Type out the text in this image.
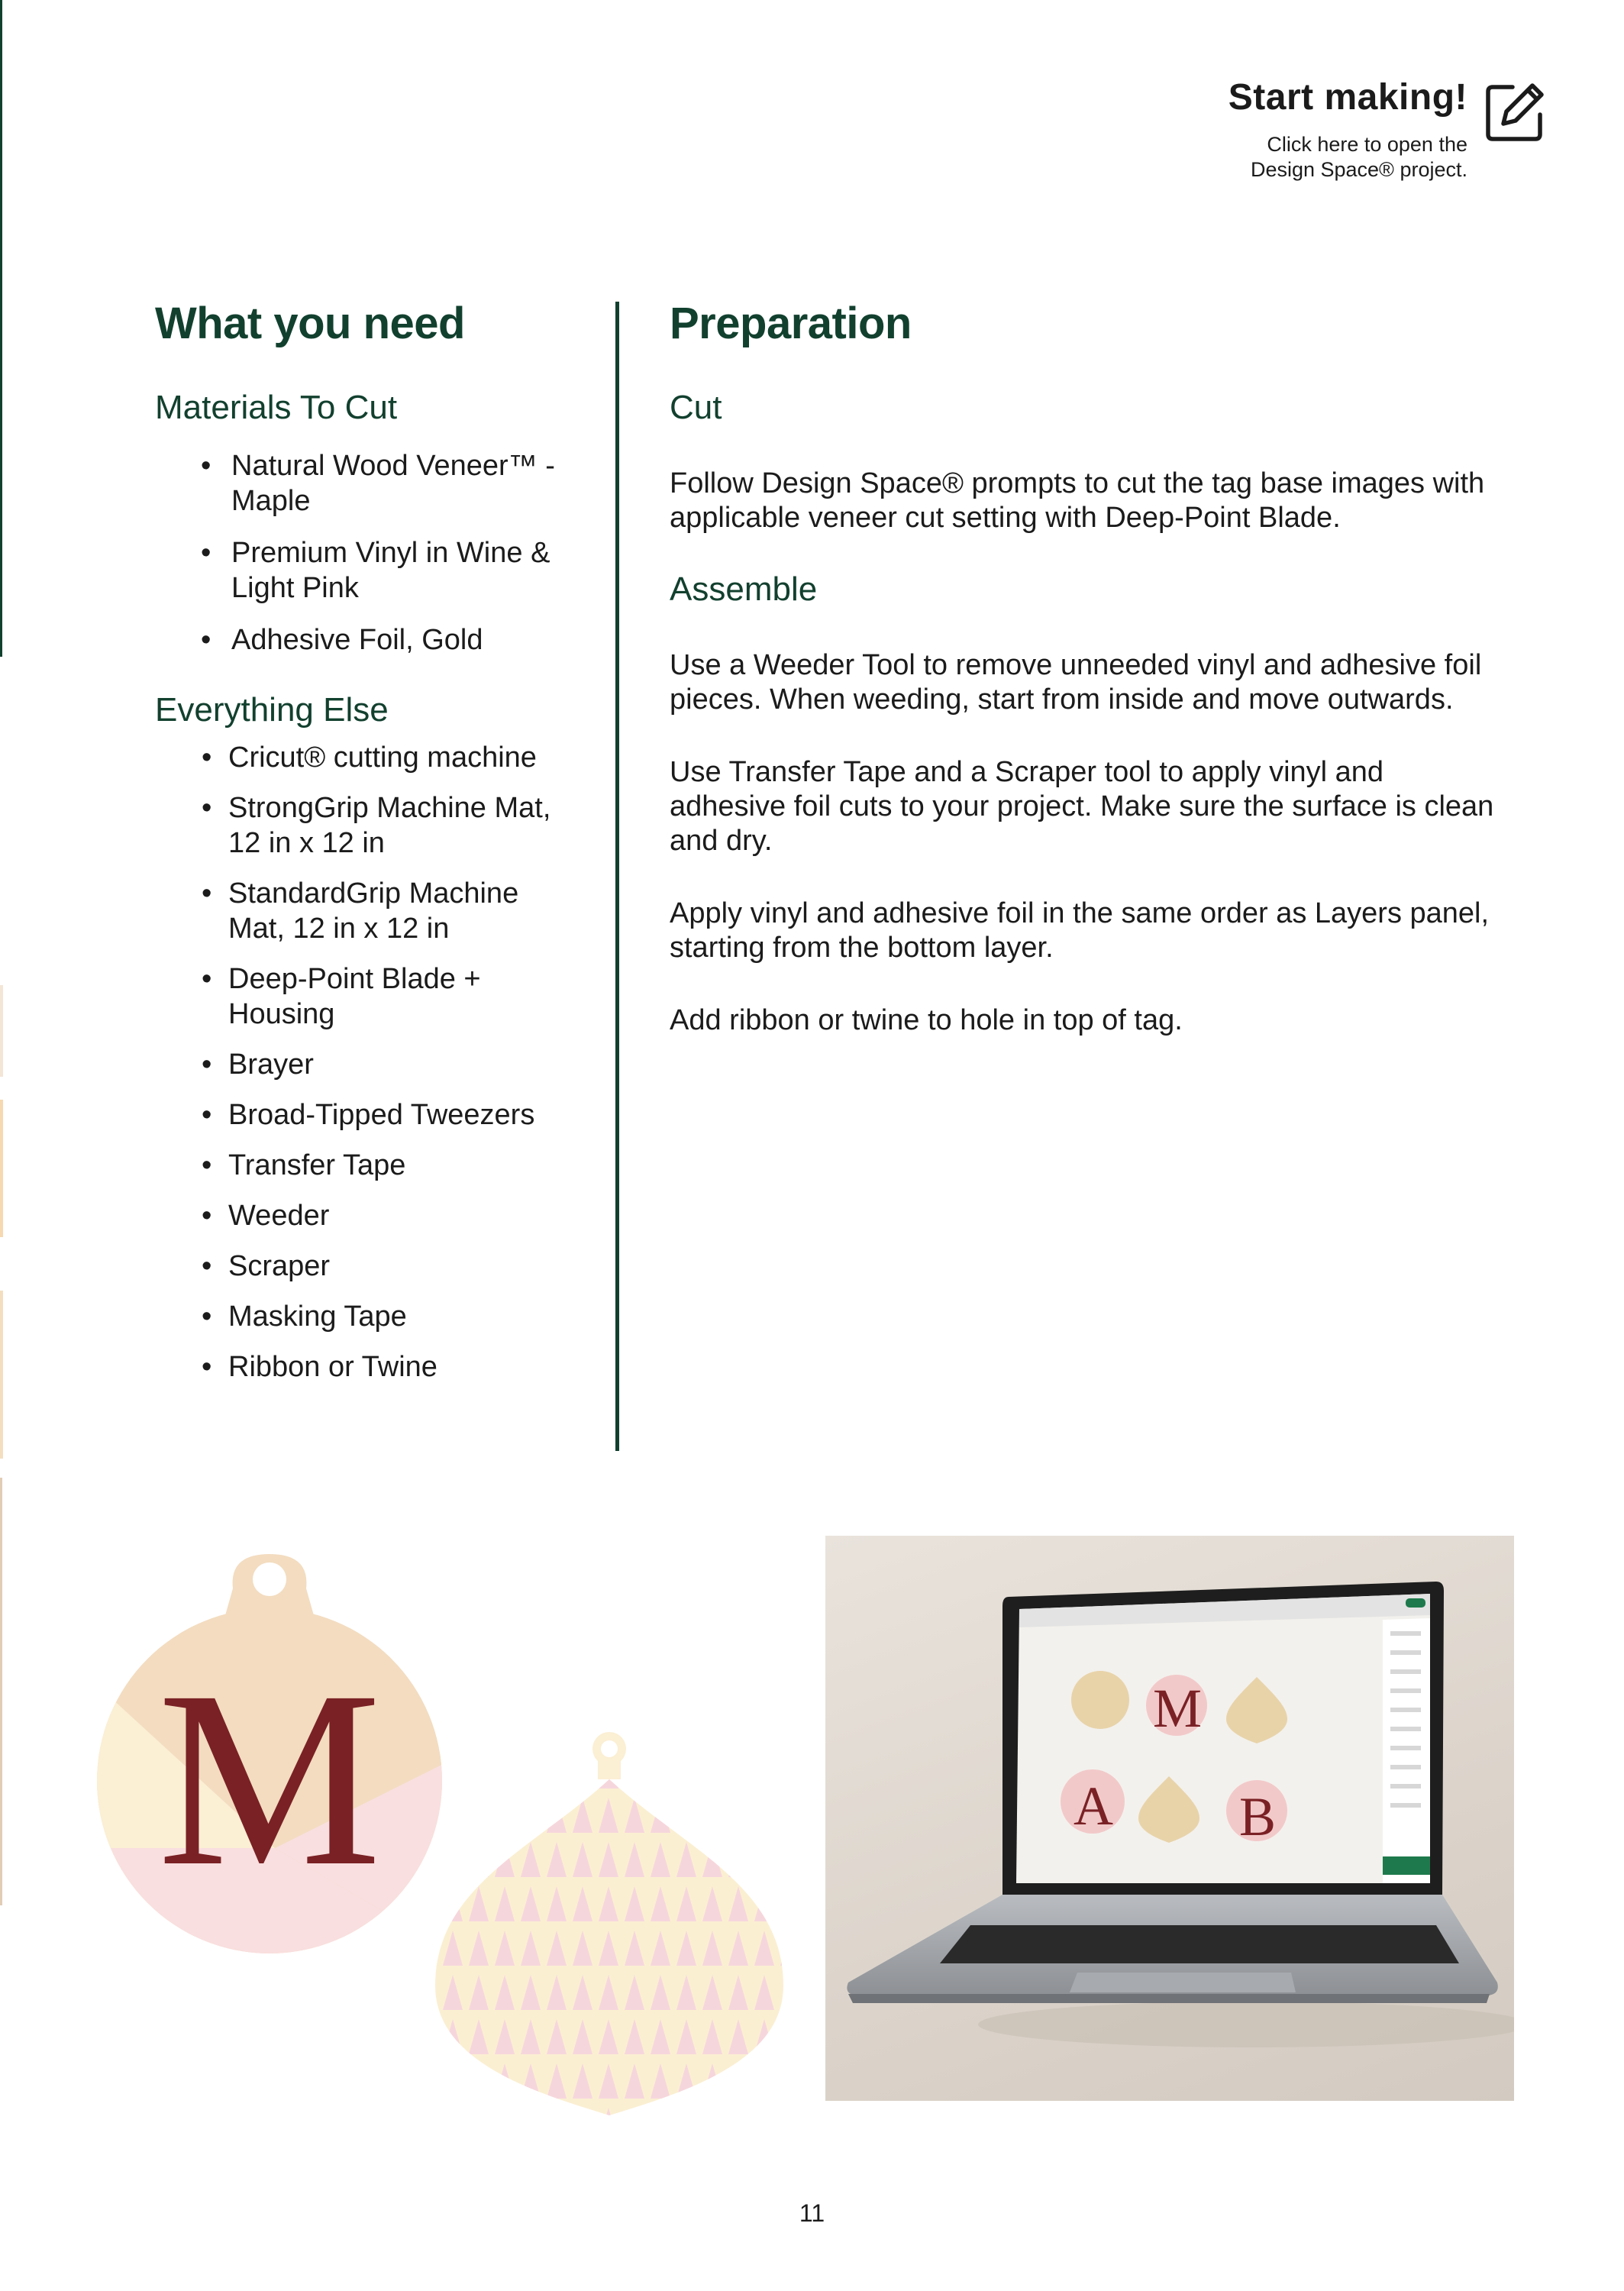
Start making!

Click here to open the
Design Space® project.
What you need
Materials To Cut
• Natural Wood Veneer™ - Maple
• Premium Vinyl in Wine & Light Pink
• Adhesive Foil, Gold
Everything Else
• Cricut® cutting machine
• StrongGrip Machine Mat, 12 in x 12 in
• StandardGrip Machine Mat, 12 in x 12 in
• Deep-Point Blade + Housing
• Brayer
• Broad-Tipped Tweezers
• Transfer Tape
• Weeder
• Scraper
• Masking Tape
• Ribbon or Twine
Preparation
Cut

Follow Design Space® prompts to cut the tag base images with applicable veneer cut setting with Deep-Point Blade.

Assemble

Use a Weeder Tool to remove unneeded vinyl and adhesive foil pieces. When weeding, start from inside and move outwards.

Use Transfer Tape and a Scraper tool to apply vinyl and adhesive foil cuts to your project. Make sure the surface is clean and dry.

Apply vinyl and adhesive foil in the same order as Layers panel, starting from the bottom layer.

Add ribbon or twine to hole in top of tag.

M	M
A B
11
